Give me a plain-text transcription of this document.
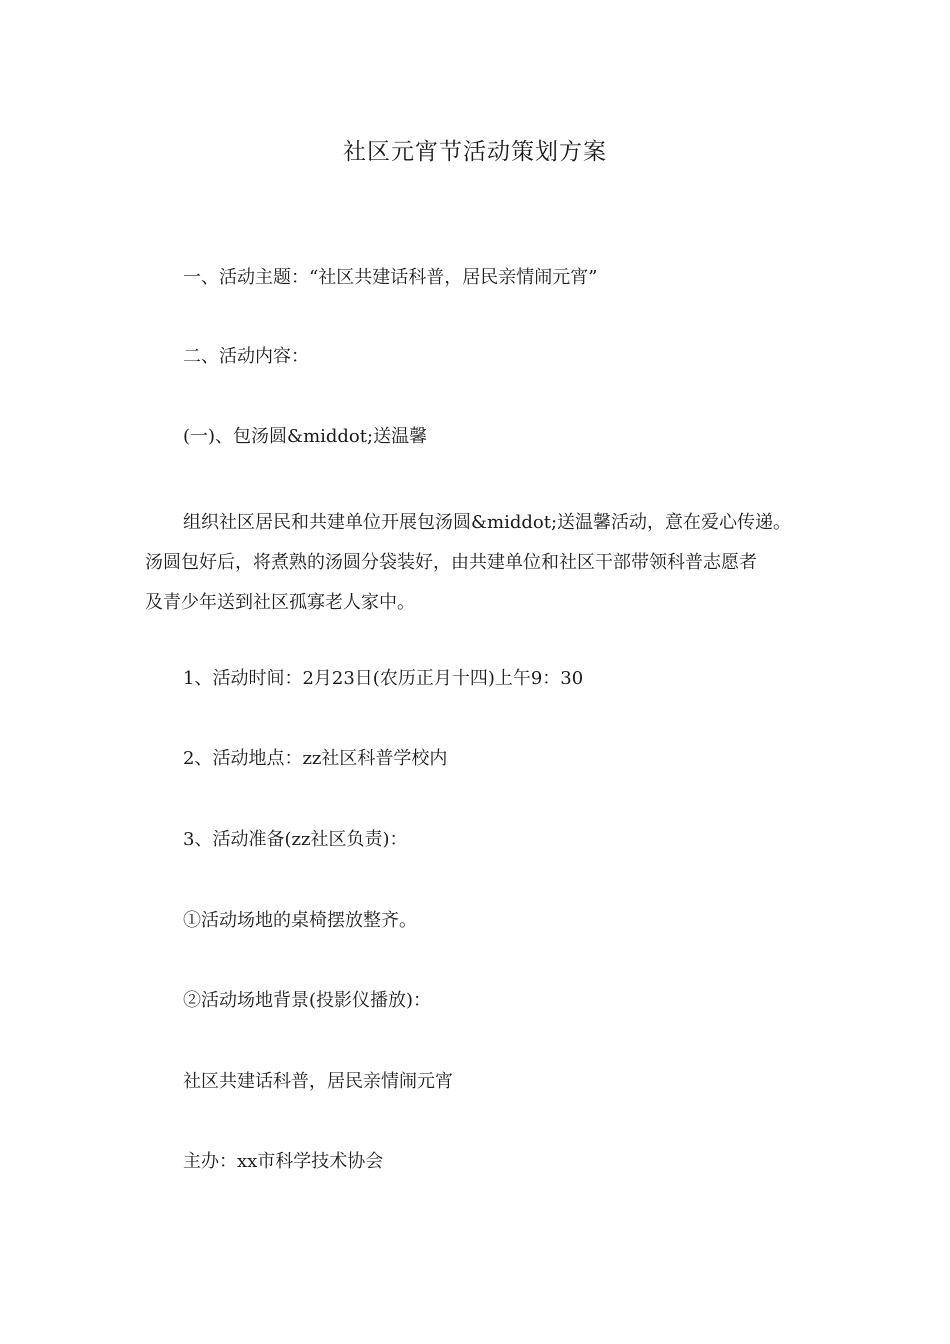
社区元宵节活动策划方案
一、活动主题：“社区共建话科普，居民亲情闹元宵”
二、活动内容：
(一)、包汤圆&middot;送温馨
组织社区居民和共建单位开展包汤圆&middot;送温馨活动，意在爱心传递。
汤圆包好后，将煮熟的汤圆分袋装好，由共建单位和社区干部带领科普志愿者
及青少年送到社区孤寡老人家中。
1、活动时间：2月23日(农历正月十四)上午9：30
2、活动地点：zz社区科普学校内
3、活动准备(zz社区负责)：
①活动场地的桌椅摆放整齐。
②活动场地背景(投影仪播放)：
社区共建话科普，居民亲情闹元宵
主办：xx市科学技术协会
